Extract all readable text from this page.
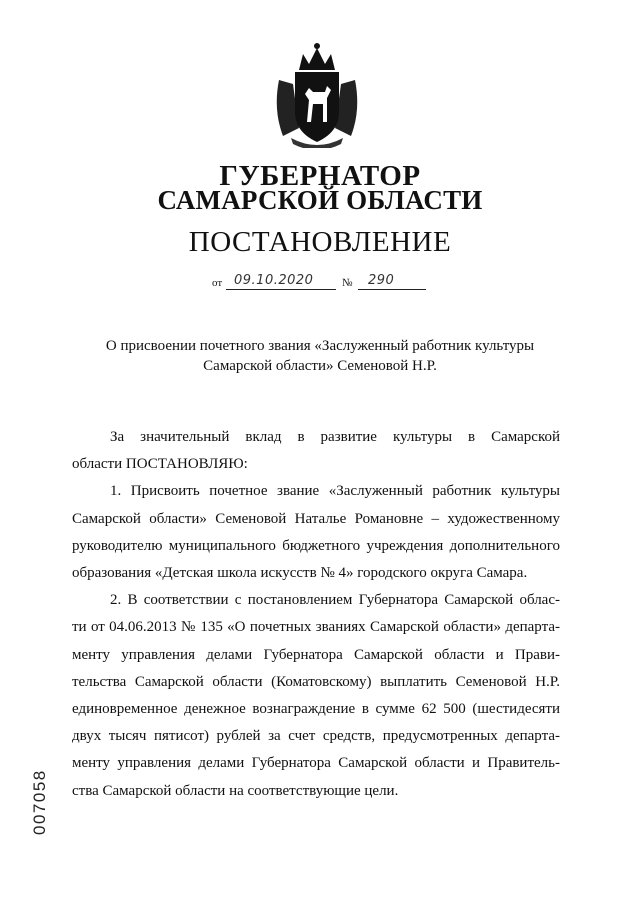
ГУБЕРНАТОР
САМАРСКОЙ ОБЛАСТИ
ПОСТАНОВЛЕНИЕ
от 09.10.2020	№ 290
О присвоении почетного звания «Заслуженный работник культуры
Самарской области» Семеновой Н.Р.

За значительный вклад в развитие культуры в Самарской

области ПОСТАНОВЛЯЮ:

1. Присвоить почетное звание «Заслуженный работник культуры

Самарской области» Семеновой Наталье Романовне – художественному

руководителю муниципального бюджетного учреждения дополнительного

образования «Детская школа искусств № 4» городского округа Самара.

2. В соответствии с постановлением Губернатора Самарской облас-

ти от 04.06.2013 № 135 «О почетных званиях Самарской области» департа-

менту управления делами Губернатора Самарской области и Прави-

тельства Самарской области (Коматовскому) выплатить Семеновой Н.Р.

единовременное денежное вознаграждение в сумме 62 500 (шестидесяти

двух тысяч пятисот) рублей за счет средств, предусмотренных департа-

менту управления делами Губернатора Самарской области и Правитель-

ства Самарской области на соответствующие цели.

007058
